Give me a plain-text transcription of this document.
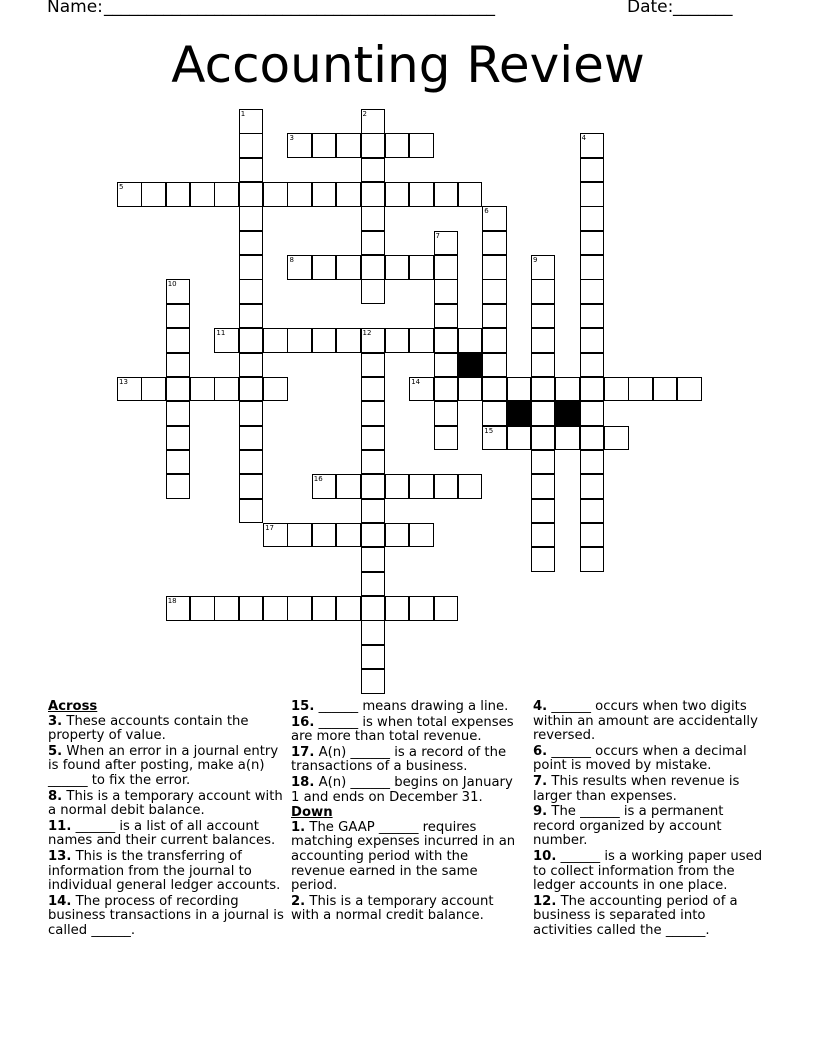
Name: ______________________________________________	Date: _______
Accounting Review
1	2
3	4
5
6
15
7
8	9
10
11	12
13	14
16
17
18

Across

3. These accounts contain the property of value.
5. When an error in a journal entry is found after posting, make a(n) ______ to fix the error.
8. This is a temporary account with a normal debit balance.
11. ______ is a list of all account names and their current balances.
13. This is the transferring of information from the journal to individual general ledger accounts.
14. The process of recording business transactions in a journal is called ______.
15. ______ means drawing a line.
16. ______ is when total expenses are more than total revenue.
17. A(n) ______ is a record of the transactions of a business.
18. A(n) ______ begins on January 1 and ends on December 31.

Down

1. The GAAP ______ requires matching expenses incurred in an accounting period with the revenue earned in the same period.
2. This is a temporary account with a normal credit balance.
4. ______ occurs when two digits within an amount are accidentally reversed.
6. ______ occurs when a decimal point is moved by mistake.
7. This results when revenue is larger than expenses.
9. The ______ is a permanent record organized by account number.
10. ______ is a working paper used to collect information from the ledger accounts in one place.
12. The accounting period of a business is separated into activities called the ______.
